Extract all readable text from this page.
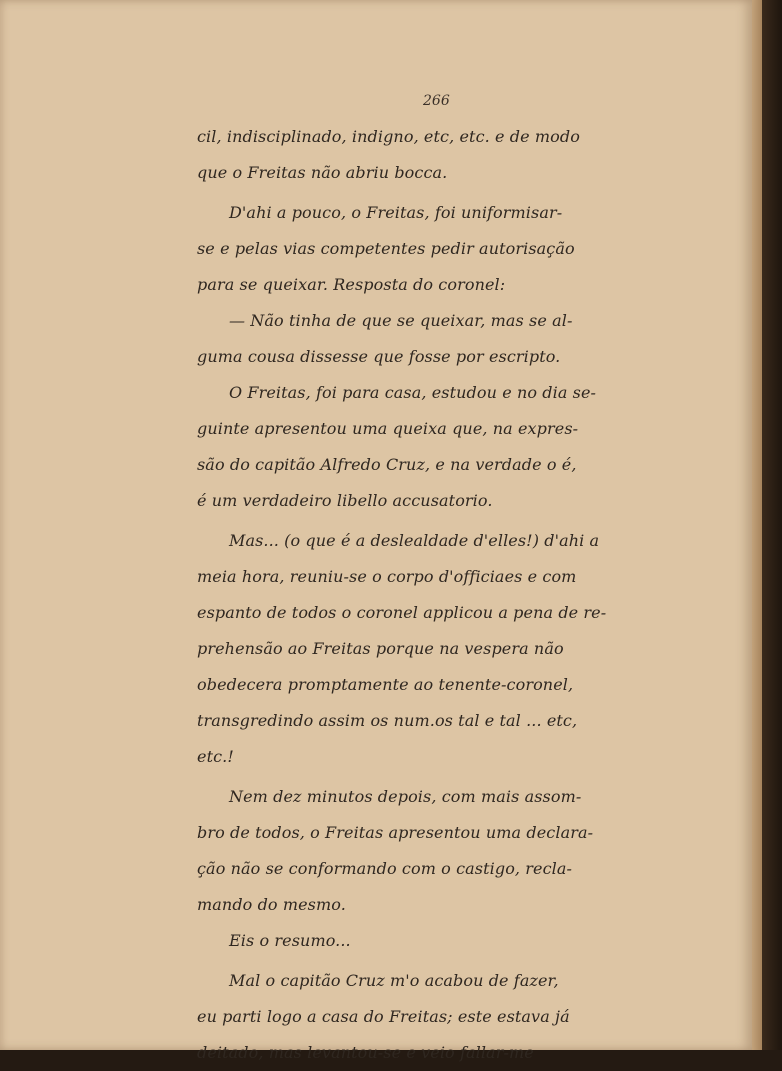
266
cil, indisciplinado, indigno, etc, etc. e de modo
que o Freitas não abriu bocca.
D'ahi a pouco, o Freitas, foi uniformisar-
se e pelas vias competentes pedir autorisação
para se queixar. Resposta do coronel:
— Não tinha de que se queixar, mas se al-
guma cousa dissesse que fosse por escripto.
O Freitas, foi para casa, estudou e no dia se-
guinte apresentou uma queixa que, na expres-
são do capitão Alfredo Cruz, e na verdade o é,
é um verdadeiro libello accusatorio.
Mas... (o que é a deslealdade d'elles!) d'ahi a
meia hora, reuniu-se o corpo d'officiaes e com
espanto de todos o coronel applicou a pena de re-
prehensão ao Freitas porque na vespera não
obedecera promptamente ao tenente-coronel,
transgredindo assim os num.os tal e tal ... etc,
etc.!
Nem dez minutos depois, com mais assom-
bro de todos, o Freitas apresentou uma declara-
ção não se conformando com o castigo, recla-
mando do mesmo.
Eis o resumo...
Mal o capitão Cruz m'o acabou de fazer,
eu parti logo a casa do Freitas; este estava já
deitado, mas levantou-se e veio fallar-me
